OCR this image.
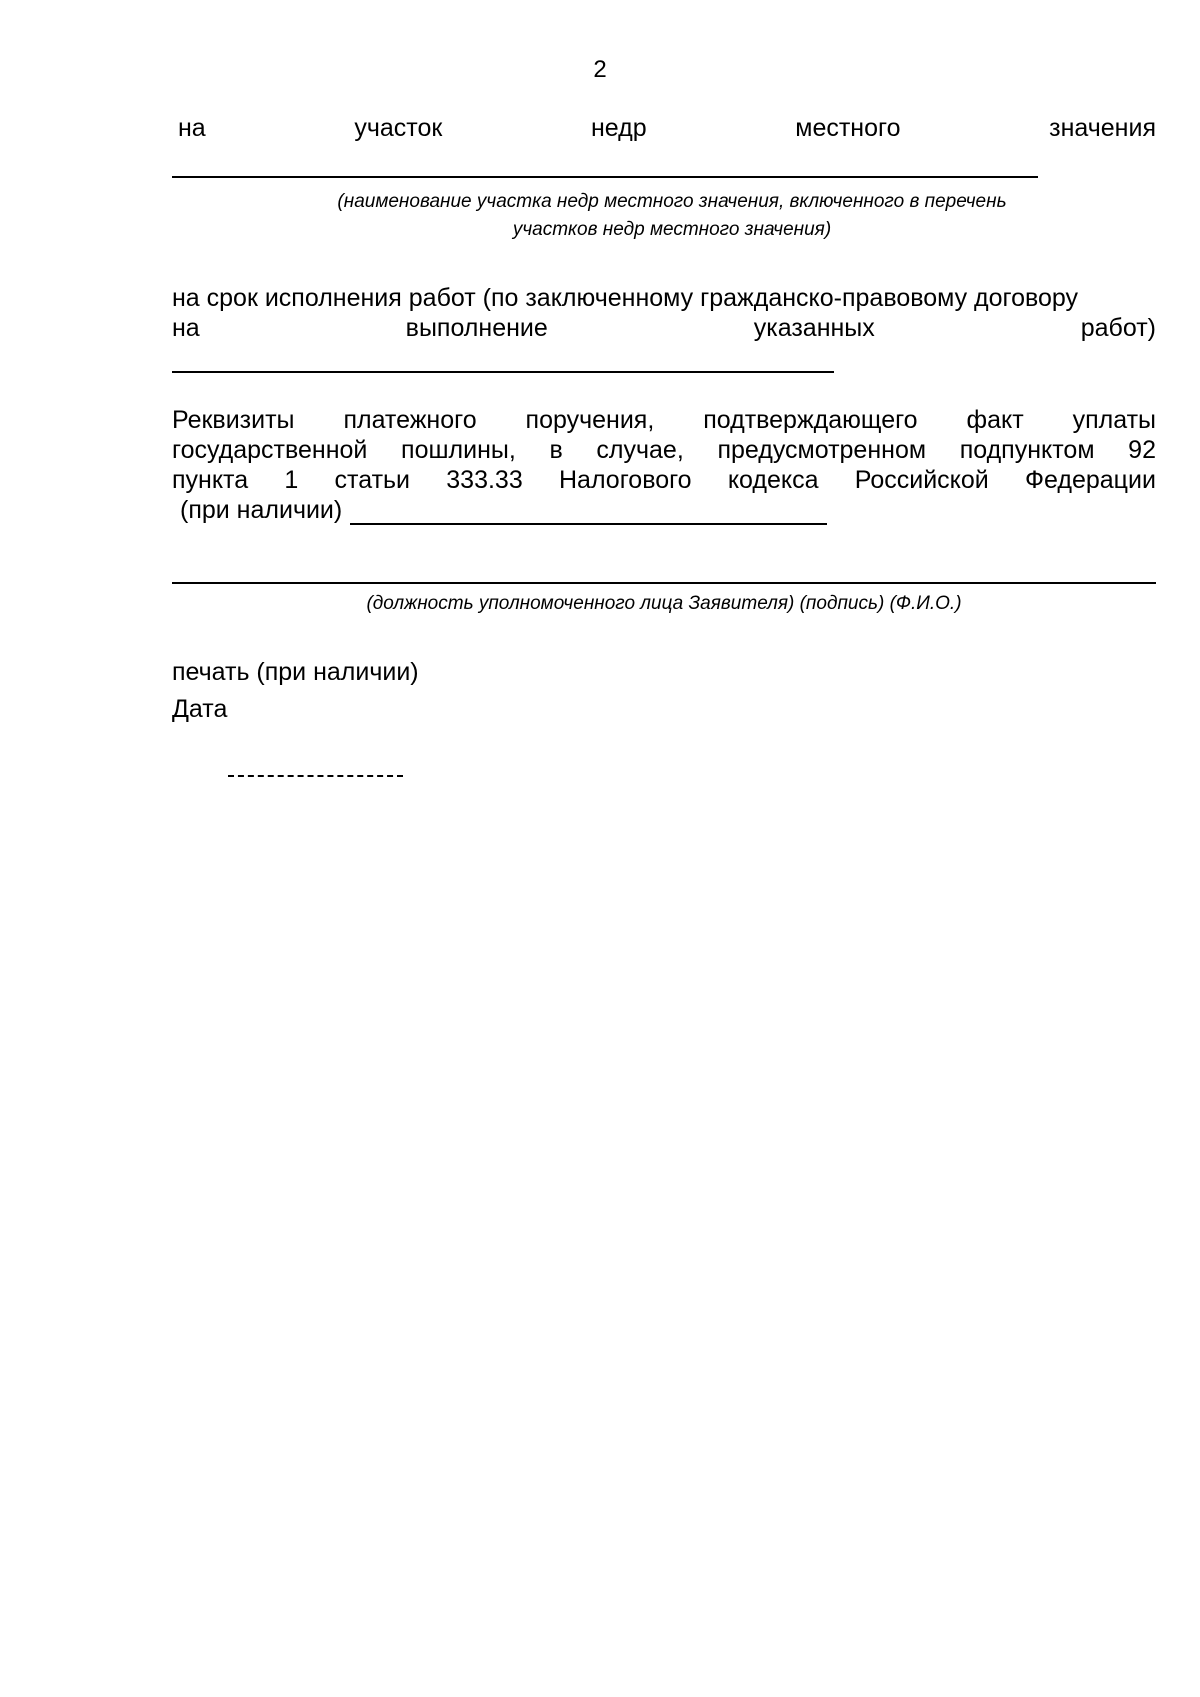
2
на	участок	недр	местного	значения
(наименование участка недр местного значения, включенного в перечень
участков недр местного значения)
на срок исполнения работ (по заключенному гражданско-правовому договору
на	выполнение	указанных	работ)
Реквизиты платежного поручения, подтверждающего факт уплаты
государственной пошлины, в случае, предусмотренном подпунктом 92
пункта 1 статьи 333.33 Налогового кодекса Российской Федерации
(при наличии)
(должность уполномоченного лица Заявителя) (подпись) (Ф.И.О.)
печать (при наличии)
Дата
